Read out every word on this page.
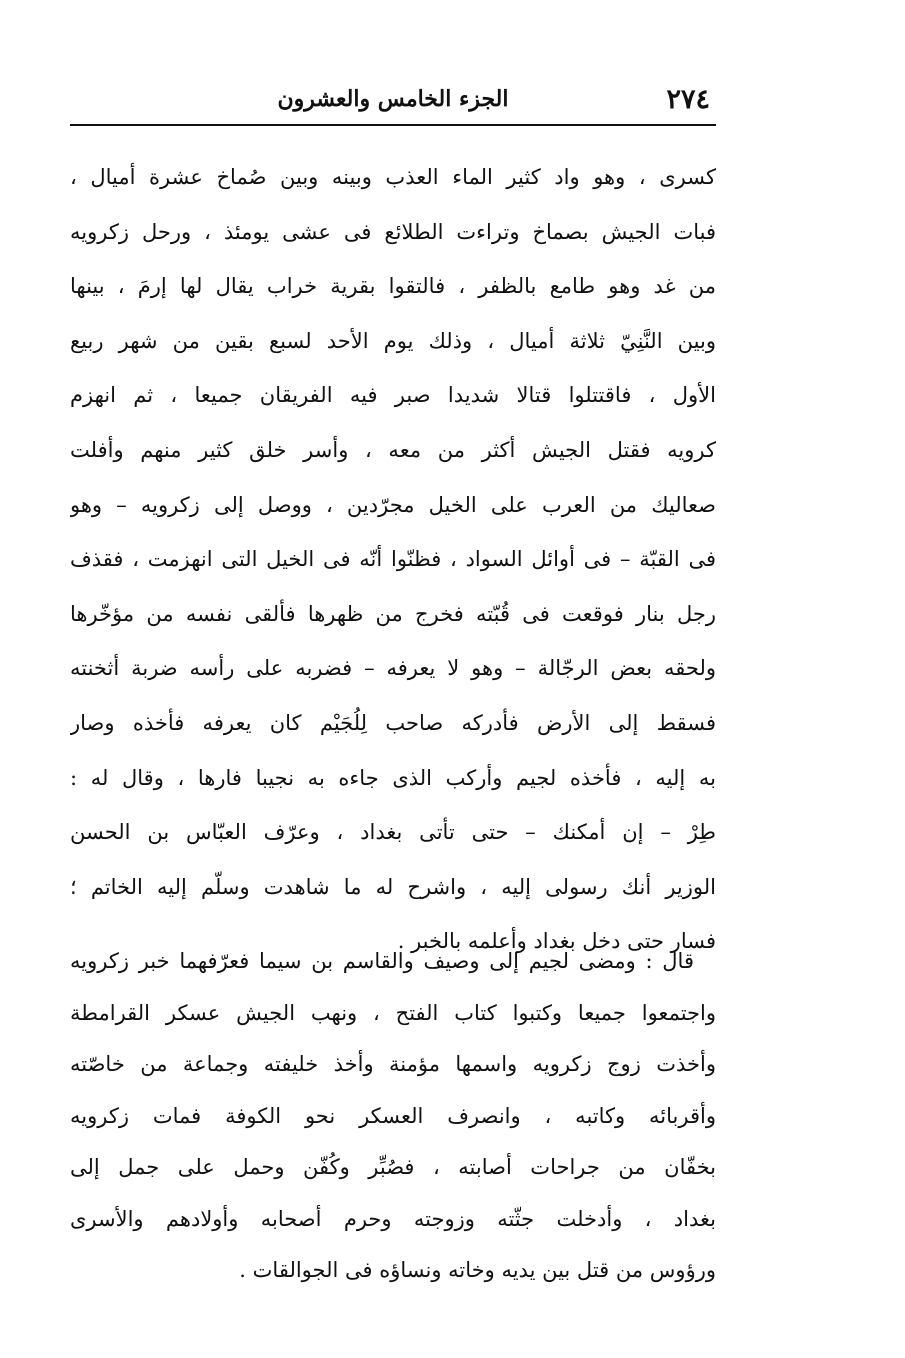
٢٧٤
الجزء الخامس والعشرون
كسرى ، وهو واد كثير الماء العذب وبينه وبين صُماخ عشرة أميال ،
فبات الجيش بصماخ وتراءت الطلائع فى عشى يومئذ ، ورحل زكرويه
من غد وهو طامع بالظفر ، فالتقوا بقرية خراب يقال لها إرمَ ، بينها
وبين النَّنِيّ ثلاثة أميال ، وذلك يوم الأحد لسبع بقين من شهر ربيع
الأول ، فاقتتلوا قتالا شديدا صبر فيه الفريقان جميعا ، ثم انهزم
كرويه فقتل الجيش أكثر من معه ، وأسر خلق كثير منهم وأفلت
صعاليك من العرب على الخيل مجرّدين ، ووصل إلى زكرويه – وهو
فى القبّة – فى أوائل السواد ، فظنّوا أنّه فى الخيل التى انهزمت ، فقذف
رجل بنار فوقعت فى قُبّته فخرج من ظهرها فألقى نفسه من مؤخّرها
ولحقه بعض الرجّالة – وهو لا يعرفه – فضربه على رأسه ضربة أثخنته
فسقط إلى الأرض فأدركه صاحب لِلُجَيْم كان يعرفه فأخذه وصار
به إليه ، فأخذه لجيم وأركب الذى جاءه به نجيبا فارها ، وقال له :
طِرْ – إن أمكنك – حتى تأتى بغداد ، وعرّف العبّاس بن الحسن
الوزير أنك رسولى إليه ، واشرح له ما شاهدت وسلّم إليه الخاتم ؛
فسار حتى دخل بغداد وأعلمه بالخبر .
قال : ومضى لجيم إلى وصيف والقاسم بن سيما فعرّفهما خبر زكرويه
واجتمعوا جميعا وكتبوا كتاب الفتح ، ونهب الجيش عسكر القرامطة
وأخذت زوج زكرويه واسمها مؤمنة وأخذ خليفته وجماعة من خاصّته
وأقربائه وكاتبه ، وانصرف العسكر نحو الكوفة فمات زكرويه
بخفّان من جراحات أصابته ، فصُبِّر وكُفّن وحمل على جمل إلى
بغداد ، وأدخلت جثّته وزوجته وحرم أصحابه وأولادهم والأسرى
ورؤوس من قتل بين يديه وخاته ونساؤه فى الجوالقات .
